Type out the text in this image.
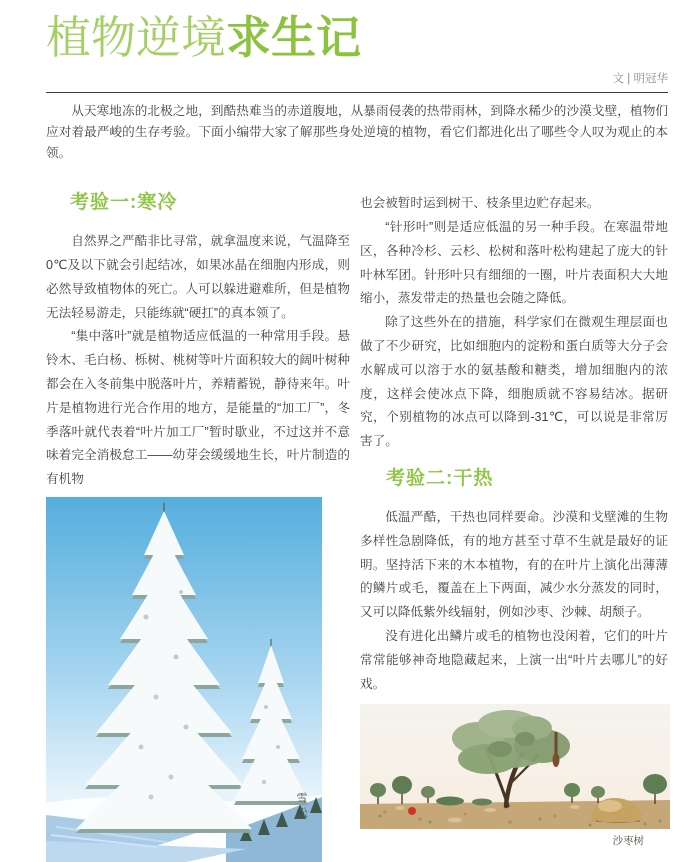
植物逆境求生记
文 | 明冠华

从天寒地冻的北极之地，到酷热难当的赤道腹地，从暴雨侵袭的热带雨林，到降水稀少的沙漠戈壁，植物们应对着最严峻的生存考验。下面小编带大家了解那些身处逆境的植物，看它们都进化出了哪些令人叹为观止的本领。

考验一:寒冷

自然界之严酷非比寻常，就拿温度来说，气温降至0℃及以下就会引起结冰，如果冰晶在细胞内形成，则必然导致植物体的死亡。人可以躲进避难所，但是植物无法轻易游走，只能练就“硬扛”的真本领了。

“集中落叶”就是植物适应低温的一种常用手段。悬铃木、毛白杨、栎树、桃树等叶片面积较大的阔叶树种都会在入冬前集中脱落叶片，养精蓄锐，静待来年。叶片是植物进行光合作用的地方，是能量的“加工厂”，冬季落叶就代表着“叶片加工厂”暂时歇业，不过这并不意味着完全消极怠工——幼芽会缓缓地生长，叶片制造的有机物

雪松

也会被暂时运到树干、枝条里边贮存起来。

“针形叶”则是适应低温的另一种手段。在寒温带地区，各种冷杉、云杉、松树和落叶松构建起了庞大的针叶林军团。针形叶只有细细的一圈，叶片表面积大大地缩小，蒸发带走的热量也会随之降低。

除了这些外在的措施，科学家们在微观生理层面也做了不少研究，比如细胞内的淀粉和蛋白质等大分子会水解成可以溶于水的氨基酸和糖类，增加细胞内的浓度，这样会使冰点下降，细胞质就不容易结冰。据研究，个别植物的冰点可以降到-31℃，可以说是非常厉害了。

考验二:干热

低温严酷，干热也同样要命。沙漠和戈壁滩的生物多样性急剧降低，有的地方甚至寸草不生就是最好的证明。坚持活下来的木本植物，有的在叶片上演化出薄薄的鳞片或毛，覆盖在上下两面，减少水分蒸发的同时，又可以降低紫外线辐射，例如沙枣、沙棘、胡颓子。

没有进化出鳞片或毛的植物也没闲着，它们的叶片常常能够神奇地隐藏起来，上演一出“叶片去哪儿”的好戏。

沙枣树
